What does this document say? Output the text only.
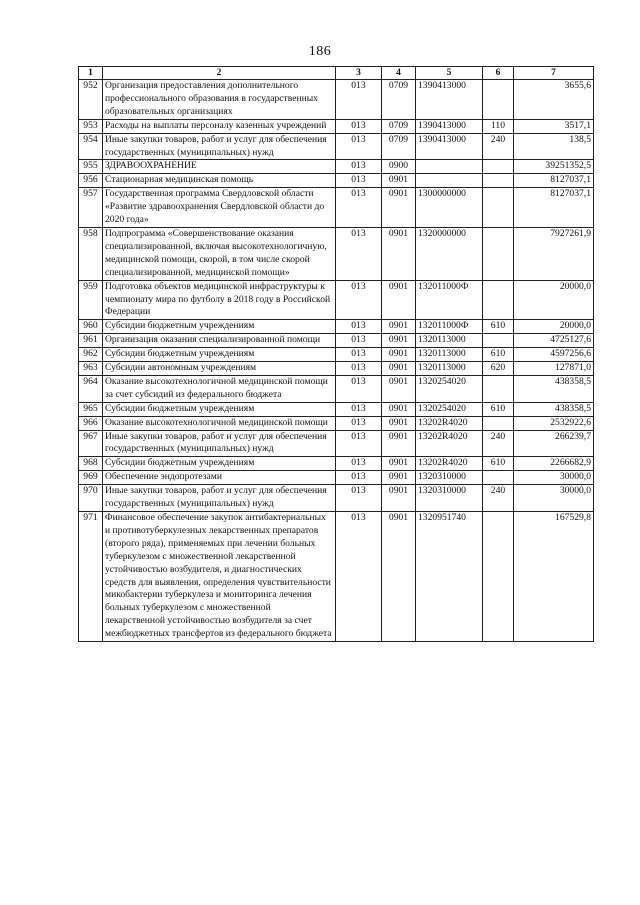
186
1	2	3	4	5	6	7
952	Организация предоставления дополнительного профессионального образования в государственных образовательных организациях	013	0709	1390413000		3655,6
953	Расходы на выплаты персоналу казенных учреждений	013	0709	1390413000	110	3517,1
954	Иные закупки товаров, работ и услуг для обеспечения государственных (муниципальных) нужд	013	0709	1390413000	240	138,5
955	ЗДРАВООХРАНЕНИЕ	013	0900			39251352,5
956	Стационарная медицинская помощь	013	0901			8127037,1
957	Государственная программа Свердловской области «Развитие здравоохранения Свердловской области до 2020 года»	013	0901	1300000000		8127037,1
958	Подпрограмма «Совершенствование оказания специализированной, включая высокотехнологичную, медицинской помощи, скорой, в том числе скорой специализированной, медицинской помощи»	013	0901	1320000000		7927261,9
959	Подготовка объектов медицинской инфраструктуры к чемпионату мира по футболу в 2018 году в Российской Федерации	013	0901	132011000Ф		20000,0
960	Субсидии бюджетным учреждениям	013	0901	132011000Ф	610	20000,0
961	Организация оказания специализированной помощи	013	0901	1320113000		4725127,6
962	Субсидии бюджетным учреждениям	013	0901	1320113000	610	4597256,6
963	Субсидии автономным учреждениям	013	0901	1320113000	620	127871,0
964	Оказание высокотехнологичной медицинской помощи за счет субсидий из федерального бюджета	013	0901	1320254020		438358,5
965	Субсидии бюджетным учреждениям	013	0901	1320254020	610	438358,5
966	Оказание высокотехнологичной медицинской помощи	013	0901	13202R4020		2532922,6
967	Иные закупки товаров, работ и услуг для обеспечения государственных (муниципальных) нужд	013	0901	13202R4020	240	266239,7
968	Субсидии бюджетным учреждениям	013	0901	13202R4020	610	2266682,9
969	Обеспечение эндопротезами	013	0901	1320310000		30000,0
970	Иные закупки товаров, работ и услуг для обеспечения государственных (муниципальных) нужд	013	0901	1320310000	240	30000,0
971	Финансовое обеспечение закупок антибактериальных и противотуберкулезных лекарственных препаратов (второго ряда), применяемых при лечении больных туберкулезом с множественной лекарственной устойчивостью возбудителя, и диагностических средств для выявления, определения чувствительности микобактерии туберкулеза и мониторинга лечения больных туберкулезом с множественной лекарственной устойчивостью возбудителя за счет межбюджетных трансфертов из федерального бюджета	013	0901	1320951740		167529,8
